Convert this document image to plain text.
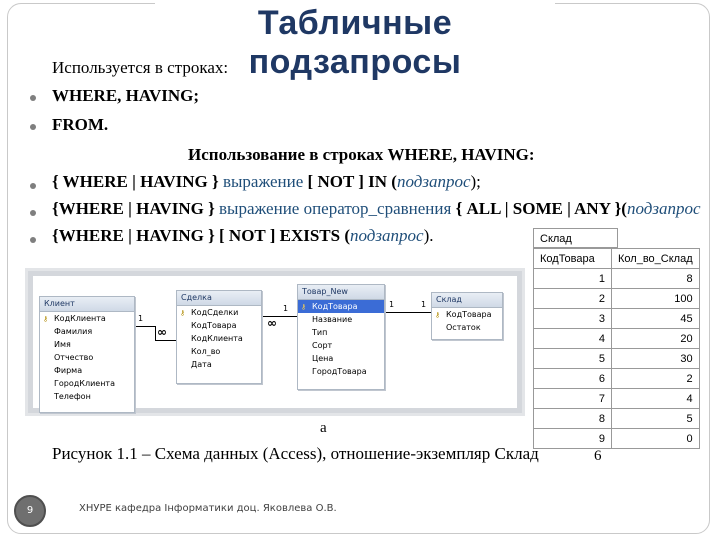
Табличные подзапросы
Используется в строках:
WHERE, HAVING;
FROM.
Использование в строках WHERE, HAVING:
{ WHERE | HAVING } выражение [ NOT ] IN (подзапрос);
{WHERE | HAVING } выражение оператор_сравнения { ALL | SOME | ANY }(подзапрос
{WHERE | HAVING } [ NOT ] EXISTS (подзапрос).
1
∞
∞
1	1	1
Клиент
⚷ КодКлиента
Фамилия
Имя
Отчество
Фирма
ГородКлиента
Телефон
Сделка
⚷ КодСделки
КодТовара
КодКлиента
Кол_во
Дата
Товар_New
⚷ КодТовара
Название
Тип
Сорт
Цена
ГородТовара
Склад
⚷ КодТовара
Остаток
Склад
КодТовара	Кол_во_Склад
1	8
2	100
3	45
4	20
5	30
6	2
7	4
8	5
9	0
а
Рисунок 1.1 – Схема данных (Access), отношение-экземпляр Склад	6
9	ХНУРЕ кафедра Інформатики доц. Яковлева О.В.
